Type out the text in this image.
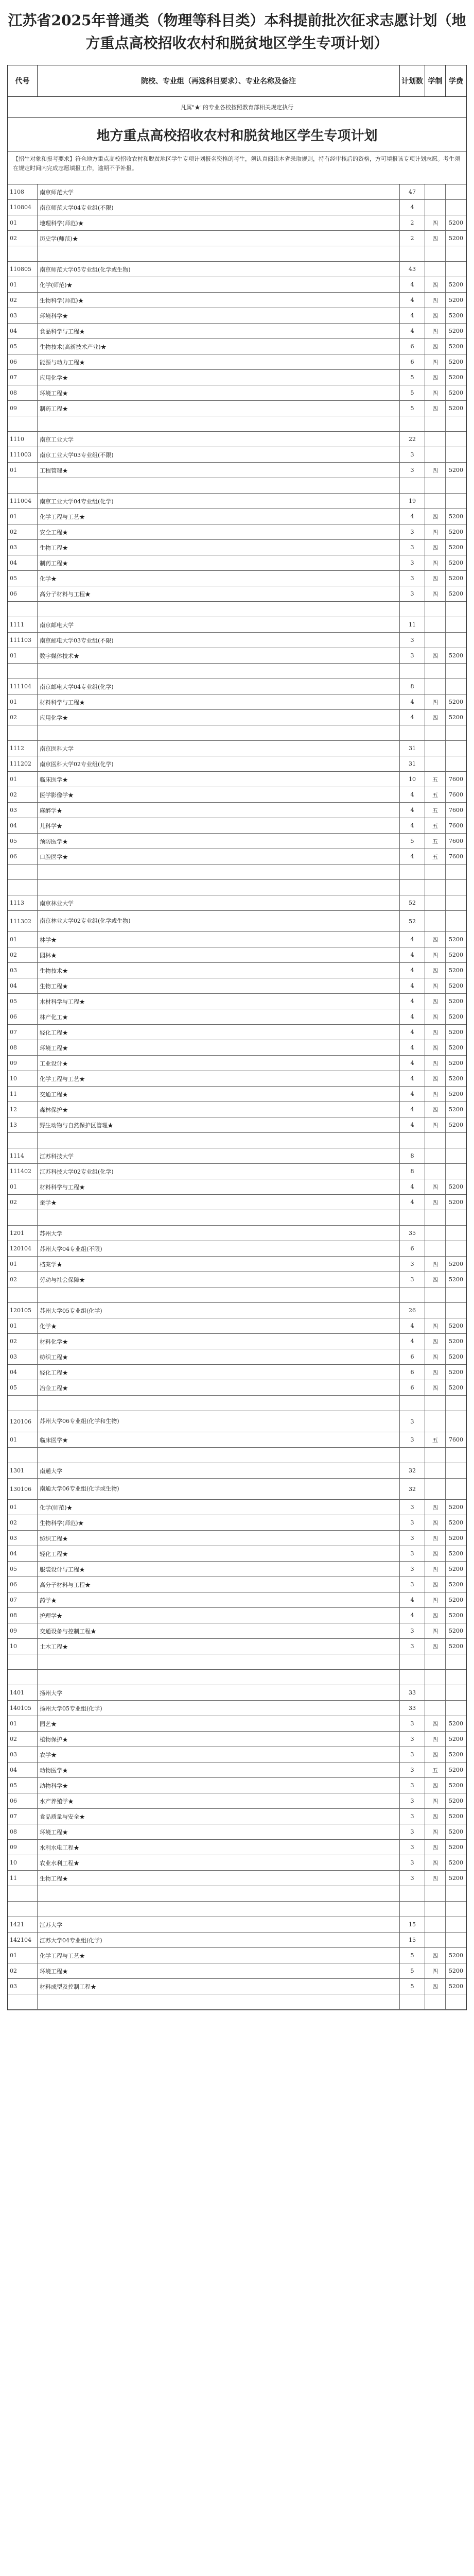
江苏省2025年普通类（物理等科目类）本科提前批次征求志愿计划（地方重点高校招收农村和脱贫地区学生专项计划）
代号	院校、专业组（再选科目要求）、专业名称及备注	计划数 学制 学费
凡属"★"的专业各校按照教育部相关规定执行
地方重点高校招收农村和脱贫地区学生专项计划
【招生对象和报考要求】符合地方重点高校招收农村和脱贫地区学生专项计划报名资格的考生，须认真阅读本省录取规则，持有经审核后的资格，方可填报该专项计划志愿。考生须在规定时间内完成志愿填报工作，逾期不予补报。
1108	南京师范大学	47
110804	南京师范大学04专业组(不限)	4
01	地理科学(师范)★	2	四	5200
02	历史学(师范)★	2	四	5200
110805	南京师范大学05专业组(化学或生物)	43
01	化学(师范)★	4	四	5200
02	生物科学(师范)★	4	四	5200
03	环境科学★	4	四	5200
04	食品科学与工程★	4	四	5200
05	生物技术(高新技术产业)★	6	四	5200
06	能源与动力工程★	6	四	5200
07	应用化学★	5	四	5200
08	环境工程★	5	四	5200
09	制药工程★	5	四	5200
1110	南京工业大学	22
111003	南京工业大学03专业组(不限)	3
01	工程管理★	3	四	5200
111004	南京工业大学04专业组(化学)	19
01	化学工程与工艺★	4	四	5200
02	安全工程★	3	四	5200
03	生物工程★	3	四	5200
04	制药工程★	3	四	5200
05	化学★	3	四	5200
06	高分子材料与工程★	3	四	5200
1111	南京邮电大学	11
111103	南京邮电大学03专业组(不限)	3
01	数字媒体技术★	3	四	5200
111104	南京邮电大学04专业组(化学)	8
01	材料科学与工程★	4	四	5200
02	应用化学★	4	四	5200
1112	南京医科大学	31
111202	南京医科大学02专业组(化学)	31
01	临床医学★	10	五	7600
02	医学影像学★	4	五	7600
03	麻醉学★	4	五	7600
04	儿科学★	4	五	7600
05	预防医学★	5	五	7600
06	口腔医学★	4	五	7600
1113	南京林业大学	52
111302	南京林业大学02专业组(化学或生物)	52
01	林学★	4	四	5200
02	园林★	4	四	5200
03	生物技术★	4	四	5200
04	生物工程★	4	四	5200
05	木材科学与工程★	4	四	5200
06	林产化工★	4	四	5200
07	轻化工程★	4	四	5200
08	环境工程★	4	四	5200
09	工业设计★	4	四	5200
10	化学工程与工艺★	4	四	5200
11	交通工程★	4	四	5200
12	森林保护★	4	四	5200
13	野生动物与自然保护区管理★	4	四	5200
1114	江苏科技大学	8
111402	江苏科技大学02专业组(化学)	8
01	材料科学与工程★	4	四	5200
02	蚕学★	4	四	5200
1201	苏州大学	35
120104	苏州大学04专业组(不限)	6
01	档案学★	3	四	5200
02	劳动与社会保障★	3	四	5200
120105	苏州大学05专业组(化学)	26
01	化学★	4	四	5200
02	材料化学★	4	四	5200
03	纺织工程★	6	四	5200
04	轻化工程★	6	四	5200
05	冶金工程★	6	四	5200
120106	苏州大学06专业组(化学和生物)	3
01	临床医学★	3	五	7600
1301	南通大学	32
130106	南通大学06专业组(化学或生物)	32
01	化学(师范)★	3	四	5200
02	生物科学(师范)★	3	四	5200
03	纺织工程★	3	四	5200
04	轻化工程★	3	四	5200
05	服装设计与工程★	3	四	5200
06	高分子材料与工程★	3	四	5200
07	药学★	4	四	5200
08	护理学★	4	四	5200
09	交通设备与控制工程★	3	四	5200
10	土木工程★	3	四	5200
1401	扬州大学	33
140105	扬州大学05专业组(化学)	33
01	园艺★	3	四	5200
02	植物保护★	3	四	5200
03	农学★	3	四	5200
04	动物医学★	3	五	5200
05	动物科学★	3	四	5200
06	水产养殖学★	3	四	5200
07	食品质量与安全★	3	四	5200
08	环境工程★	3	四	5200
09	水利水电工程★	3	四	5200
10	农业水利工程★	3	四	5200
11	生物工程★	3	四	5200
1421	江苏大学	15
142104	江苏大学04专业组(化学)	15
01	化学工程与工艺★	5	四	5200
02	环境工程★	5	四	5200
03	材料成型及控制工程★	5	四	5200
